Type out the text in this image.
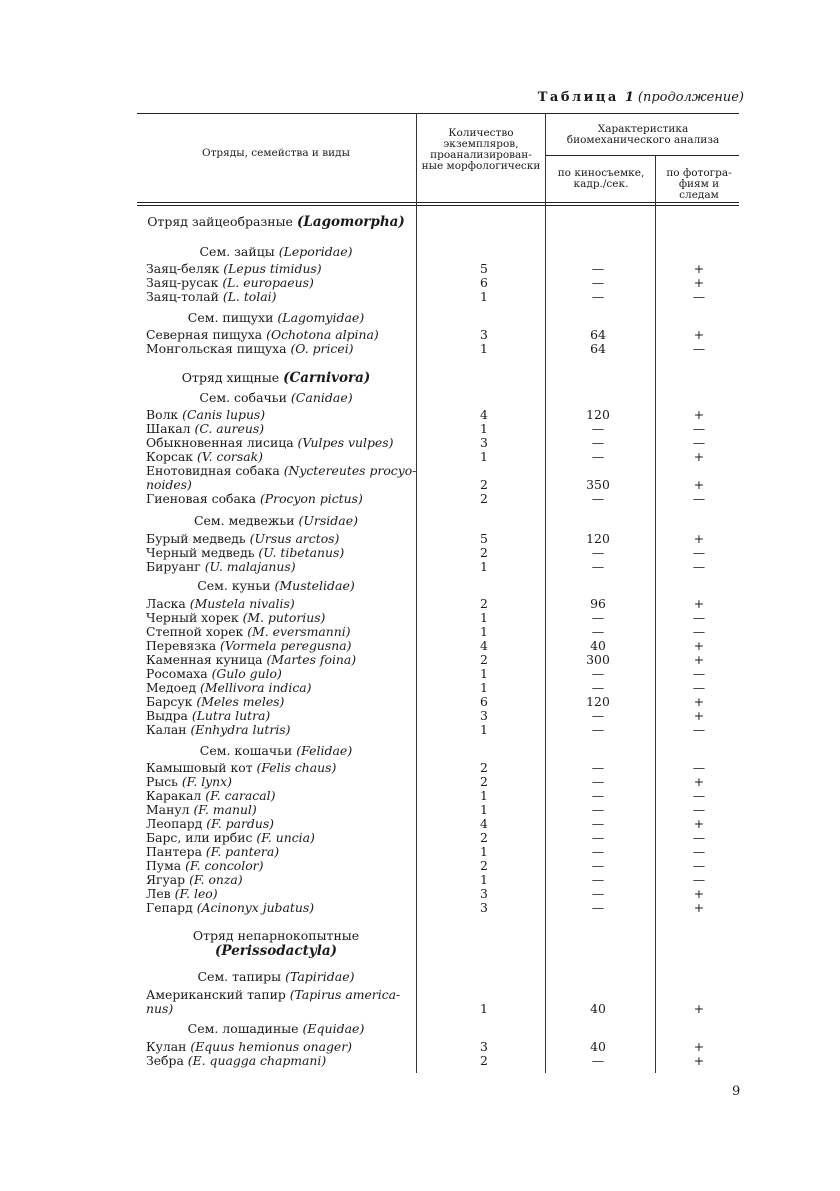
Таблица 1 (продолжение)
Отряды, семейства и виды
Количество экземпляров, проанализирован-ные морфологически
Характеристика биомеханического анализа
по киносъемке, кадр./сек.
по фотогра-фиям и следам
Отряд зайцеобразные (Lagomorpha)
Сем. зайцы (Leporidae)
Заяц-беляк (Lepus timidus)	5	—	+
Заяц-русак (L. europaeus)	6	—	+
Заяц-толай (L. tolai)	1	—	—
Сем. пищухи (Lagomyidae)
Северная пищуха (Ochotona alpina)	3	64	+
Монгольская пищуха (O. pricei)	1	64	—
Отряд хищные (Carnivora)
Сем. собачьи (Canidae)
Волк (Canis lupus)	4	120	+
Шакал (C. aureus)	1	—	—
Обыкновенная лисица (Vulpes vulpes)	3	—	—
Корсак (V. corsak)	1	—	+
Енотовидная собака (Nyctereutes procyo-noides)	2	350	+
Гиеновая собака (Procyon pictus)	2	—	—
Сем. медвежьи (Ursidae)
Бурый медведь (Ursus arctos)	5	120	+
Черный медведь (U. tibetanus)	2	—	—
Бируанг (U. malajanus)	1	—	—
Сем. куньи (Mustelidae)
Ласка (Mustela nivalis)	2	96	+
Черный хорек (M. putorius)	1	—	—
Степной хорек (M. eversmanni)	1	—	—
Перевязка (Vormela peregusna)	4	40	+
Каменная куница (Martes foina)	2	300	+
Росомаха (Gulo gulo)	1	—	—
Медоед (Mellivora indica)	1	—	—
Барсук (Meles meles)	6	120	+
Выдра (Lutra lutra)	3	—	+
Калан (Enhydra lutris)	1	—	—
Сем. кошачьи (Felidae)
Камышовый кот (Felis chaus)	2	—	—
Рысь (F. lynx)	2	—	+
Каракал (F. caracal)	1	—	—
Манул (F. manul)	1	—	—
Леопард (F. pardus)	4	—	+
Барс, или ирбис (F. uncia)	2	—	—
Пантера (F. pantera)	1	—	—
Пума (F. concolor)	2	—	—
Ягуар (F. onza)	1	—	—
Лев (F. leo)	3	—	+
Гепард (Acinonyx jubatus)	3	—	+
Отряд непарнокопытные
(Perissodactyla)
Сем. тапиры (Tapiridae)
Американский тапир (Tapirus america-nus)	1	40	+
Сем. лошадиные (Equidae)
Кулан (Equus hemionus onager)	3	40	+
Зебра (E. quagga chapmani)	2	—	+
9
